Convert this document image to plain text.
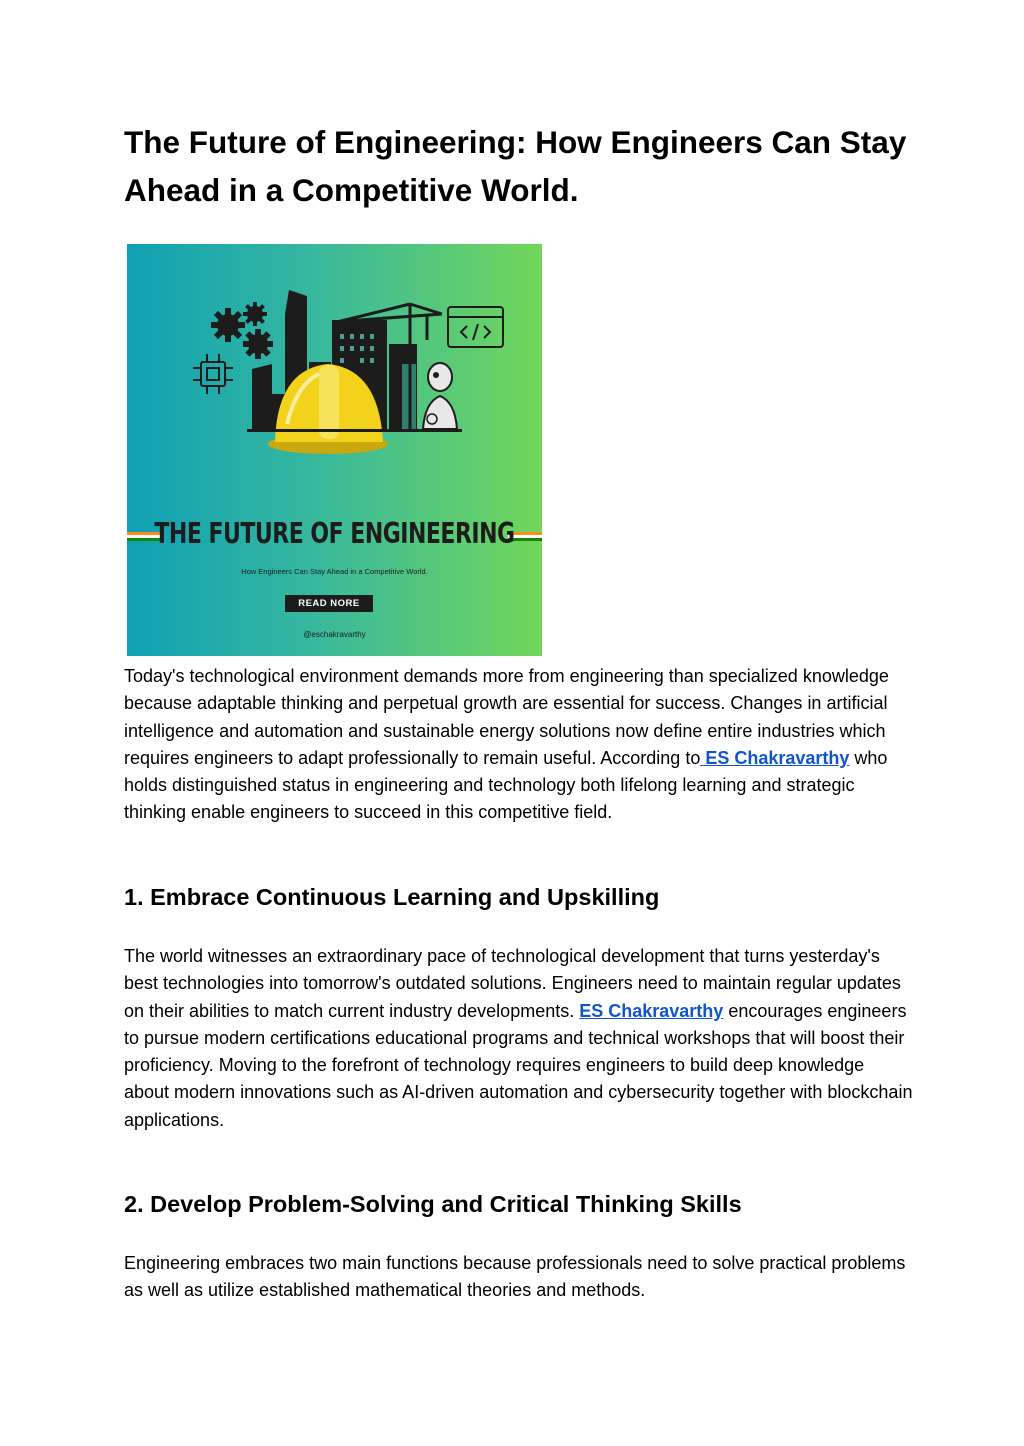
The Future of Engineering: How Engineers Can Stay Ahead in a Competitive World.
THE FUTURE OF ENGINEERING
How Engineers Can Stay Ahead in a Competitive World.
READ NORE
@eschakravarthy

Today's technological environment demands more from engineering than specialized knowledge because adaptable thinking and perpetual growth are essential for success. Changes in artificial intelligence and automation and sustainable energy solutions now define entire industries which requires engineers to adapt professionally to remain useful. According to ES Chakravarthy who holds distinguished status in engineering and technology both lifelong learning and strategic thinking enable engineers to succeed in this competitive field.

1. Embrace Continuous Learning and Upskilling

The world witnesses an extraordinary pace of technological development that turns yesterday's best technologies into tomorrow's outdated solutions. Engineers need to maintain regular updates on their abilities to match current industry developments. ES Chakravarthy encourages engineers to pursue modern certifications educational programs and technical workshops that will boost their proficiency. Moving to the forefront of technology requires engineers to build deep knowledge about modern innovations such as AI-driven automation and cybersecurity together with blockchain applications.

2. Develop Problem-Solving and Critical Thinking Skills

Engineering embraces two main functions because professionals need to solve practical problems as well as utilize established mathematical theories and methods.
